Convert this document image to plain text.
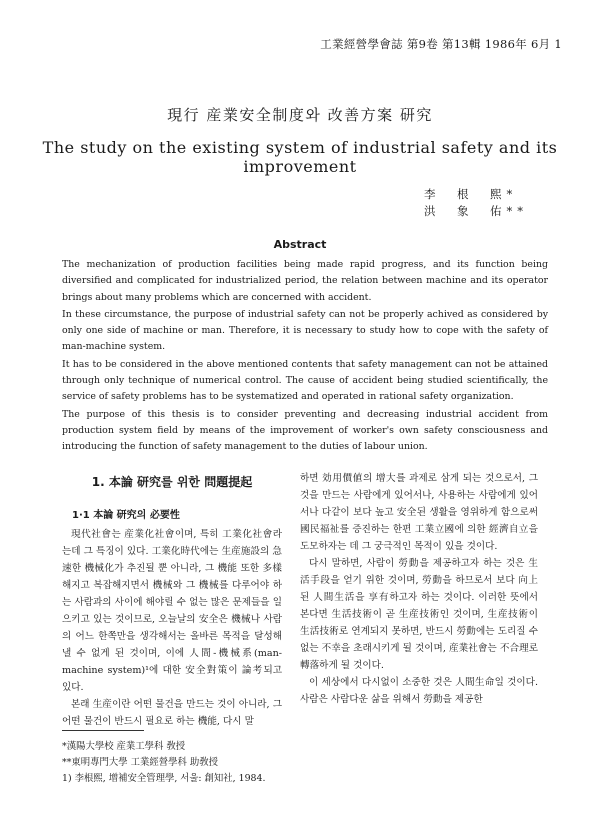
工業經營學會誌 第9卷 第13輯 1986年 6月 1
現行 産業安全制度와 改善方案 研究
The study on the existing system of industrial safety and its improvement
李　根　熙*
洪　象　佑**
Abstract

The mechanization of production facilities being made rapid progress, and its function being diversified and complicated for industrialized period, the relation between machine and its operator brings about many problems which are concerned with accident.

In these circumstance, the purpose of industrial safety can not be properly achived as considered by only one side of machine or man. Therefore, it is necessary to study how to cope with the safety of man-machine system.

It has to be considered in the above mentioned contents that safety management can not be attained through only technique of numerical control. The cause of accident being studied scientifically, the service of safety problems has to be systematized and operated in rational safety organization.

The purpose of this thesis is to consider preventing and decreasing industrial accident from production system field by means of the improvement of worker's own safety consciousness and introducing the function of safety management to the duties of labour union.

1. 本論 研究를 위한 問題提起
1·1 本論 研究의 必要性

現代社會는 産業化社會이며, 특히 工業化社會라는데 그 특징이 있다. 工業化時代에는 生産施設의 急速한 機械化가 추진될 뿐 아니라, 그 機能 또한 多樣해지고 복잡해지면서 機械와 그 機械를 다루어야 하는 사람과의 사이에 해야릴 수 없는 많은 문제들을 일으키고 있는 것이므로, 오늘날의 安全은 機械나 사람의 어느 한쪽만을 생각해서는 올바른 목적을 달성해낼 수 없게 된 것이며, 이에 人間-機械系(man-machine system)¹에 대한 安全對策이 論考되고 있다.

본래 生産이란 어떤 물건을 만드는 것이 아니라, 그 어떤 물건이 반드시 필요로 하는 機能, 다시 말

하면 効用價値의 增大를 과제로 삼게 되는 것으로서, 그것을 만드는 사람에게 있어서나, 사용하는 사람에게 있어서나 다같이 보다 높고 安全된 생활을 영위하게 함으로써 國民福祉를 증진하는 한편 工業立國에 의한 經濟自立을 도모하자는 데 그 궁극적인 목적이 있을 것이다.

다시 말하면, 사람이 勞動을 제공하고자 하는 것은 生活手段을 얻기 위한 것이며, 勞動을 하므로서 보다 向上된 人間生活을 享有하고자 하는 것이다. 이러한 뜻에서 본다면 生活技術이 곧 生産技術인 것이며, 生産技術이 生活技術로 연계되지 못하면, 반드시 勞動에는 도리질 수 없는 不幸을 초래시키게 될 것이며, 産業社會는 不合理로 轉落하게 될 것이다.

이 세상에서 다시없이 소중한 것은 人間生命일 것이다. 사람은 사람다운 삶을 위해서 勞動을 제공한

*漢陽大學校 産業工學科 敎授
**東明專門大學 工業經營學科 助敎授
1) 李根熙, 增補安全管理學, 서울: 創知社, 1984.
